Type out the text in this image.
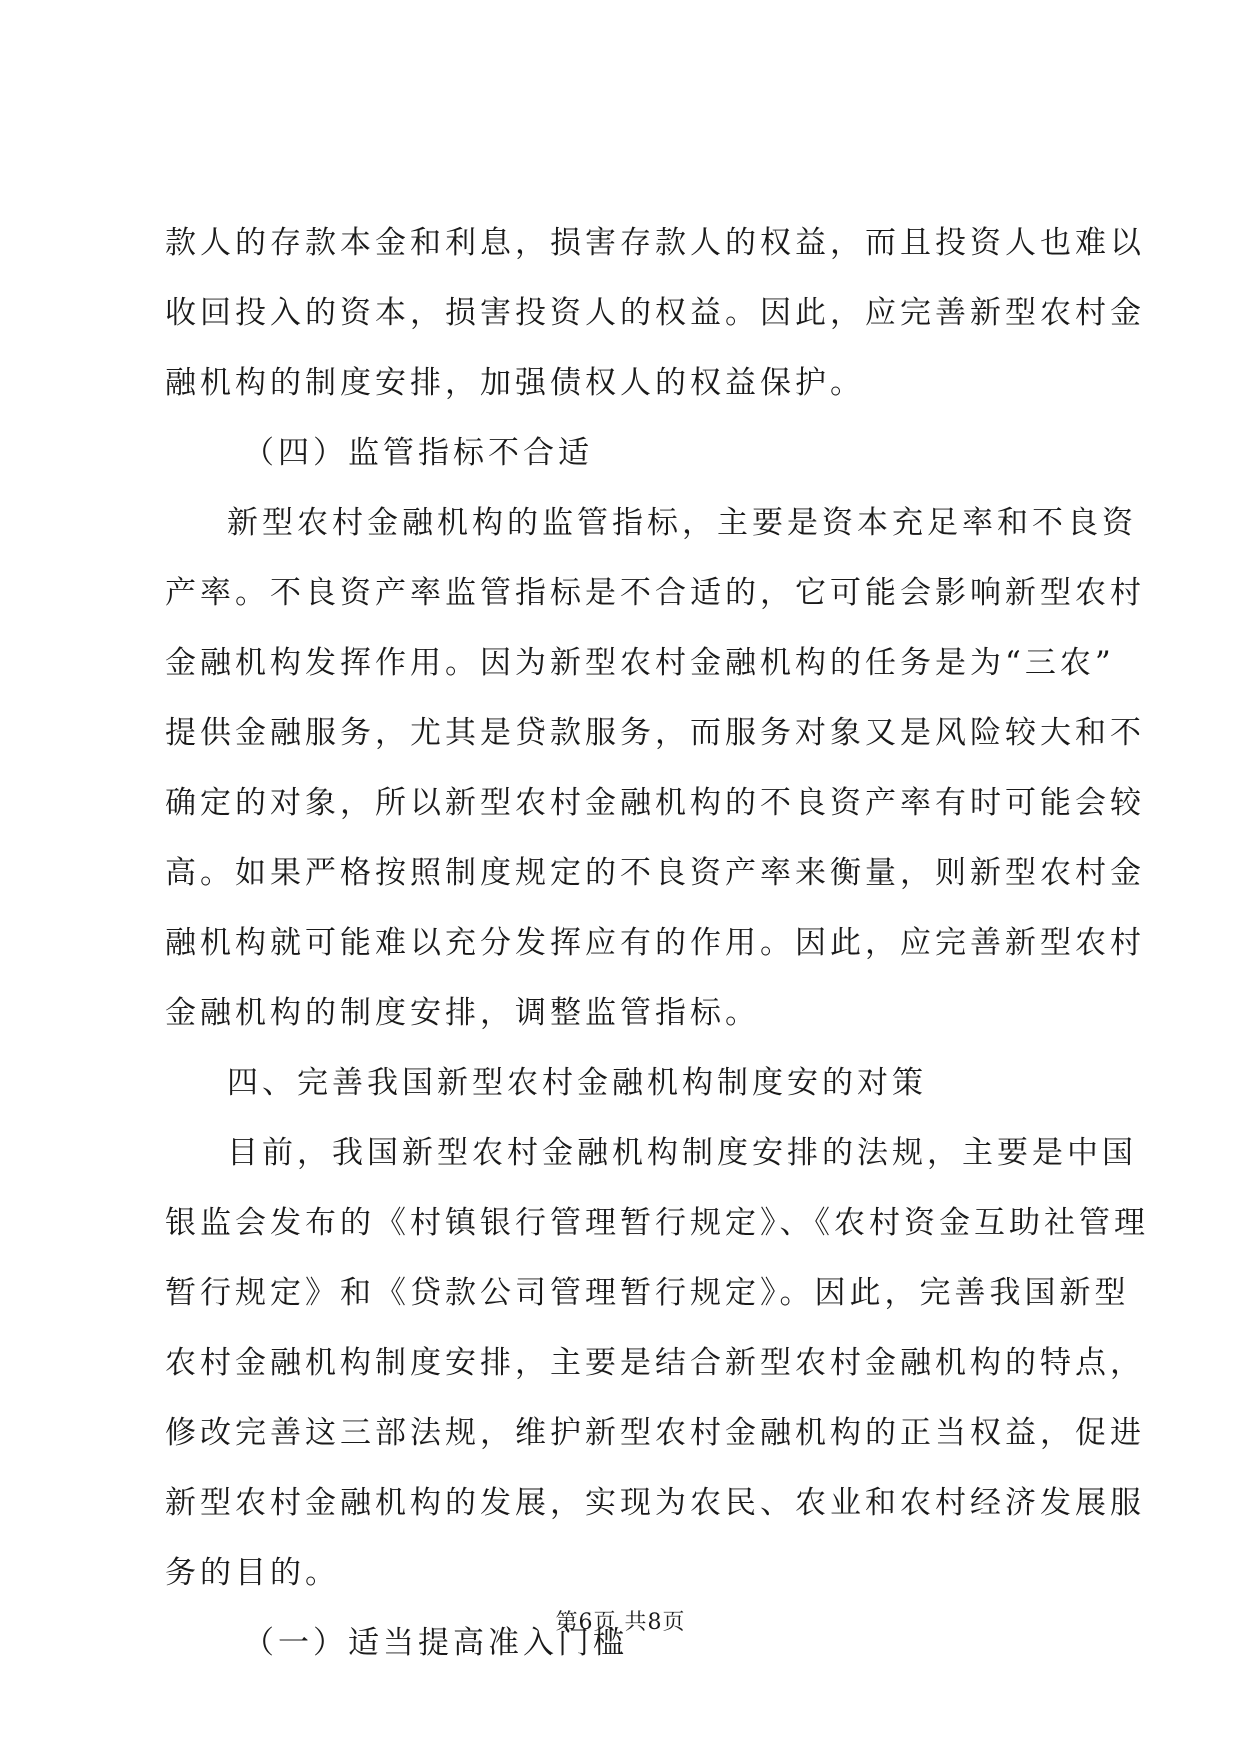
款人的存款本金和利息，损害存款人的权益，而且投资人也难以
收回投入的资本，损害投资人的权益。因此，应完善新型农村金
融机构的制度安排，加强债权人的权益保护。
（四）监管指标不合适
新型农村金融机构的监管指标，主要是资本充足率和不良资
产率。不良资产率监管指标是不合适的，它可能会影响新型农村
金融机构发挥作用。因为新型农村金融机构的任务是为“三农”
提供金融服务，尤其是贷款服务，而服务对象又是风险较大和不
确定的对象，所以新型农村金融机构的不良资产率有时可能会较
高。如果严格按照制度规定的不良资产率来衡量，则新型农村金
融机构就可能难以充分发挥应有的作用。因此，应完善新型农村
金融机构的制度安排，调整监管指标。
四、完善我国新型农村金融机构制度安的对策
目前，我国新型农村金融机构制度安排的法规，主要是中国
银监会发布的《村镇银行管理暂行规定》、《农村资金互助社管理
暂行规定》和《贷款公司管理暂行规定》。因此，完善我国新型
农村金融机构制度安排，主要是结合新型农村金融机构的特点，
修改完善这三部法规，维护新型农村金融机构的正当权益，促进
新型农村金融机构的发展，实现为农民、农业和农村经济发展服
务的目的。
（一）适当提高准入门槛
第6页 共8页
